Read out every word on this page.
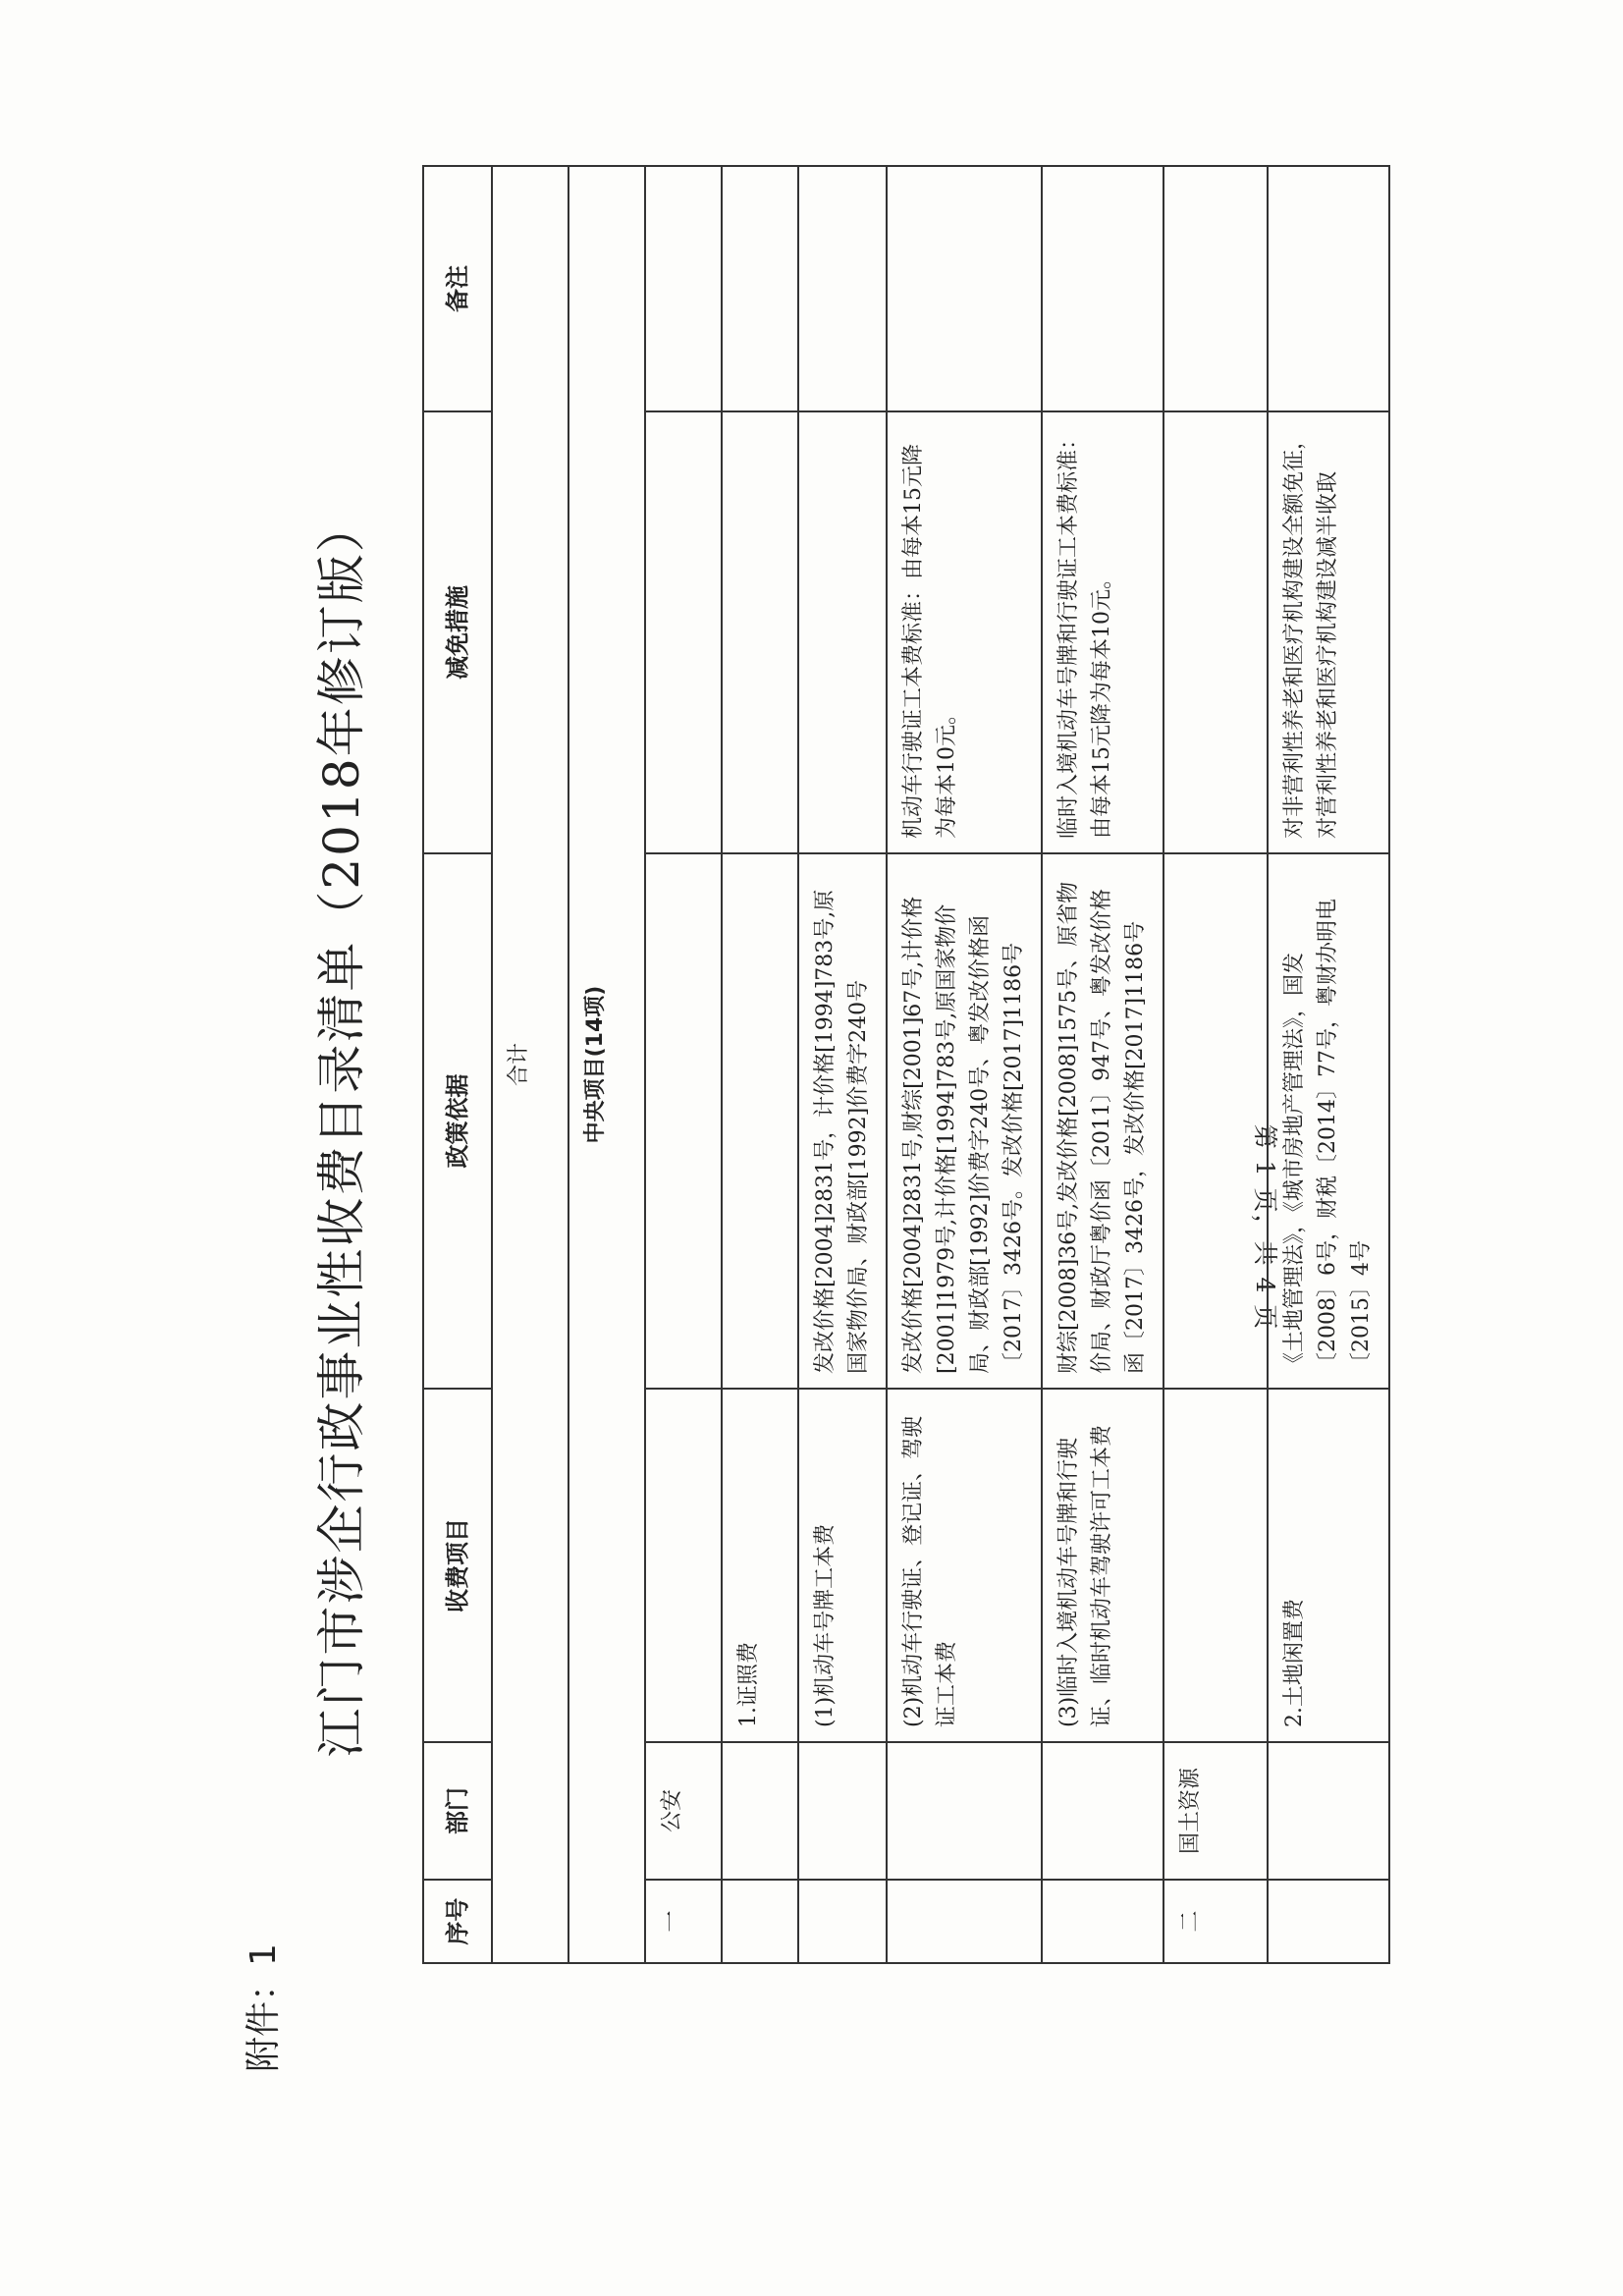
第 1 页，共 4 页
附件：1
江门市涉企行政事业性收费目录清单（2018年修订版）
序号	部门	收费项目	政策依据	减免措施	备注
合计					
中央项目(14项)					
一	公安				
		1.证照费			
		(1)机动车号牌工本费	发改价格[2004]2831号，计价格[1994]783号,原国家物价局、财政部[1992]价费字240号		
		(2)机动车行驶证、登记证、驾驶证工本费	发改价格[2004]2831号,财综[2001]67号,计价格[2001]1979号,计价格[1994]783号,原国家物价局、财政部[1992]价费字240号、粤发改价格函〔2017〕3426号。发改价格[2017]1186号	机动车行驶证工本费标准：由每本15元降为每本10元。	
		(3)临时入境机动车号牌和行驶证、临时机动车驾驶许可工本费	财综[2008]36号,发改价格[2008]1575号、原省物价局、财政厅粤价函〔2011〕947号、粤发改价格函〔2017〕3426号，发改价格[2017]1186号	临时入境机动车号牌和行驶证工本费标准：由每本15元降为每本10元。	
二	国土资源				
		2.土地闲置费	《土地管理法》，《城市房地产管理法》，国发〔2008〕6号，财税〔2014〕77号，粤财办明电〔2015〕4号	对非营利性养老和医疗机构建设全额免征，对营利性养老和医疗机构建设减半收取	
